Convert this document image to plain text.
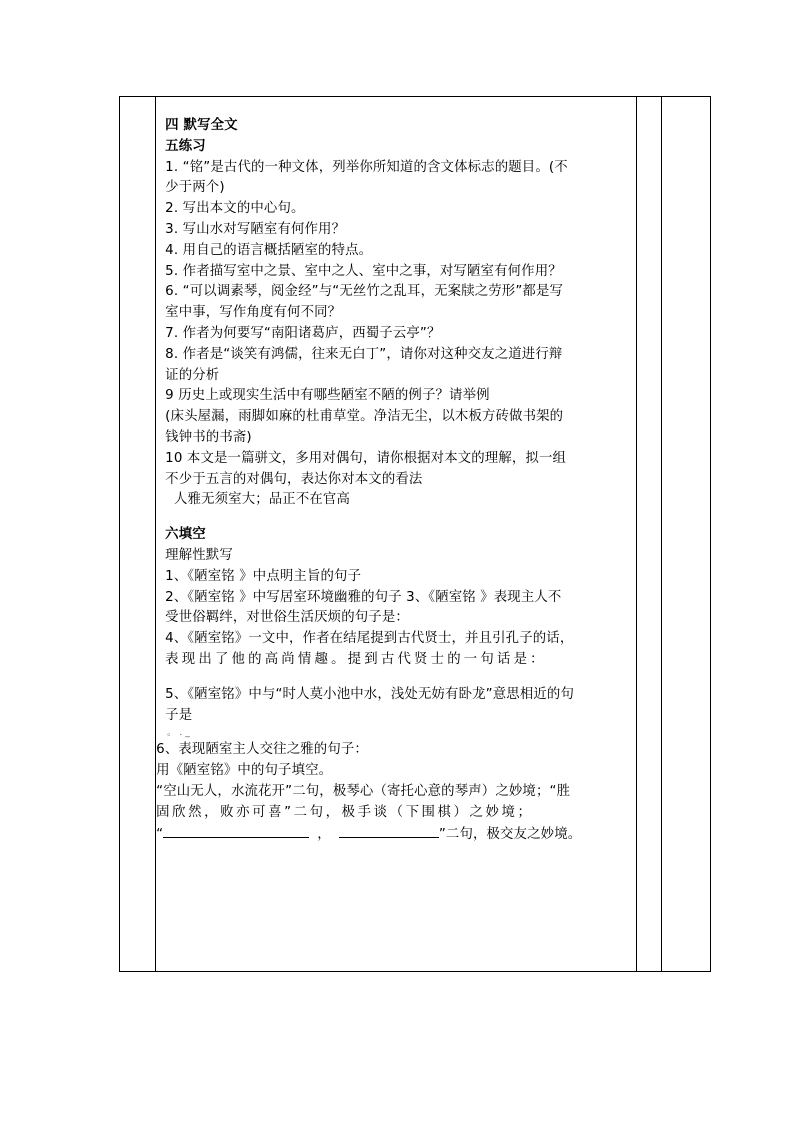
四 默写全文
五练习
1. “铭”是古代的一种文体，列举你所知道的含文体标志的题目。(不
少于两个)
2. 写出本文的中心句。
3. 写山水对写陋室有何作用？
4. 用自己的语言概括陋室的特点。
5. 作者描写室中之景、室中之人、室中之事，对写陋室有何作用？
6. “可以调素琴，阅金经”与“无丝竹之乱耳，无案牍之劳形”都是写
室中事，写作角度有何不同？
7. 作者为何要写“南阳诸葛庐，西蜀子云亭”？
8. 作者是“谈笑有鸿儒，往来无白丁”，请你对这种交友之道进行辩
证的分析
9 历史上或现实生活中有哪些陋室不陋的例子？请举例
(床头屋漏，雨脚如麻的杜甫草堂。净洁无尘，以木板方砖做书架的
钱钟书的书斋)
10 本文是一篇骈文，多用对偶句，请你根据对本文的理解，拟一组
不少于五言的对偶句，表达你对本文的看法
人雅无须室大；品正不在官高
六填空
理解性默写
1、《陋室铭 》中点明主旨的句子
2、《陋室铭 》中写居室环境幽雅的句子 3、《陋室铭 》表现主人不
受世俗羁绊，对世俗生活厌烦的句子是：
4、《陋室铭》一文中，作者在结尾提到古代贤士，并且引孔子的话，
表现出了他的高尚情趣。提到古代贤士的一句话是：
5、《陋室铭》中与“时人莫小池中水，浅处无妨有卧龙”意思相近的句
子是
。 . _
6、表现陋室主人交往之雅的句子：
用《陋室铭》中的句子填空。
“空山无人，水流花开”二句，极琴心（寄托心意的琴声）之妙境；“胜
固欣然，败亦可喜”二句，极手谈（下围棋）之妙境；
“	，	”二句，极交友之妙境。
